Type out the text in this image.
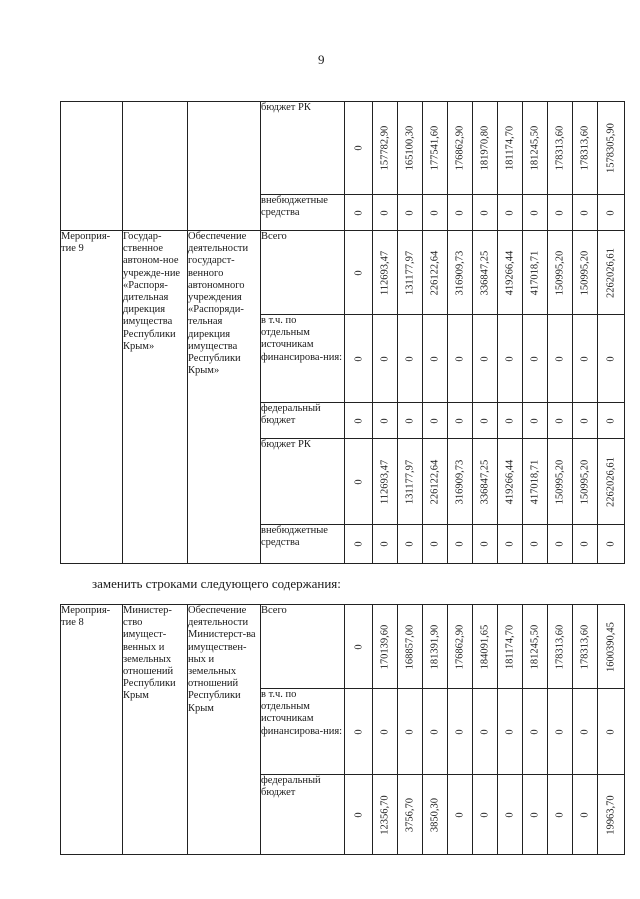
9
			бюджет РК	0	157782,90	165100,30	177541,60	176862,90	181970,80	181174,70	181245,50	178313,60	178313,60	1578305,90

			внебюджетные средства	0	0	0	0	0	0	0	0	0	0	0
Мероприя-тие 9	Государ-ственное автоном-ное учрежде-ние «Распоря-дительная дирекция имущества Республики Крым»	Обеспечение деятельности государст-венного автономного учреждения «Распоряди-тельная дирекция имущества Республики Крым»	Всего	0	112693,47	131177,97	226122,64	316909,73	336847,25	419266,44	417018,71	150995,20	150995,20	2262026,61

			в т.ч. по отдельным источникам финансирова-ния:	0	0	0	0	0	0	0	0	0	0	0

			федеральный бюджет	0	0	0	0	0	0	0	0	0	0	0

			бюджет РК	0	112693,47	131177,97	226122,64	316909,73	336847,25	419266,44	417018,71	150995,20	150995,20	2262026,61

			внебюджетные средства	0	0	0	0	0	0	0	0	0	0	0
заменить строками следующего содержания:
Мероприя-тие 8	Министер-ство имущест-венных и земельных отношений Республики Крым	Обеспечение деятельности Министерст-ва имуществен-ных и земельных отношений Республики Крым	Всего	0	170139,60	168857,00	181391,90	176862,90	184091,65	181174,70	181245,50	178313,60	178313,60	1600390,45

			в т.ч. по отдельным источникам финансирова-ния:	0	0	0	0	0	0	0	0	0	0	0

			федеральный бюджет	0	12356,70	3756,70	3850,30	0	0	0	0	0	0	19963,70
